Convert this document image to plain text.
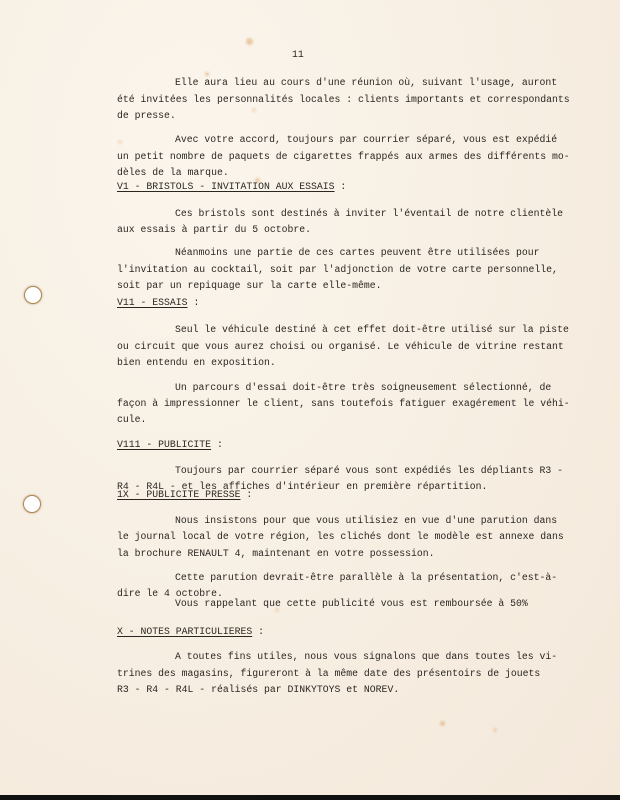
11
Elle aura lieu au cours d'une réunion où, suivant l'usage, auront
été invitées les personnalités locales : clients importants et correspondants
de presse.
Avec votre accord, toujours par courrier séparé, vous est expédié
un petit nombre de paquets de cigarettes frappés aux armes des différents mo-
dèles de la marque.
V1 - BRISTOLS - INVITATION AUX ESSAIS :
Ces bristols sont destinés à inviter l'éventail de notre clientèle
aux essais à partir du 5 octobre.
Néanmoins une partie de ces cartes peuvent être utilisées pour
l'invitation au cocktail, soit par l'adjonction de votre carte personnelle,
soit par un repiquage sur la carte elle-même.
V11 - ESSAIS :
Seul le véhicule destiné à cet effet doit-être utilisé sur la piste
ou circuit que vous aurez choisi ou organisé. Le véhicule de vitrine restant
bien entendu en exposition.
Un parcours d'essai doit-être très soigneusement sélectionné, de
façon à impressionner le client, sans toutefois fatiguer exagérement le véhi-
cule.
V111 - PUBLICITE :
Toujours par courrier séparé vous sont expédiés les dépliants R3 -
R4 - R4L - et les affiches d'intérieur en première répartition.
1X - PUBLICITE PRESSE :
Nous insistons pour que vous utilisiez en vue d'une parution dans
le journal local de votre région, les clichés dont le modèle est annexe dans
la brochure RENAULT 4, maintenant en votre possession.
Cette parution devrait-être parallèle à la présentation, c'est-à-
dire le 4 octobre.
Vous rappelant que cette publicité vous est remboursée à 50%
X - NOTES PARTICULIERES :
A toutes fins utiles, nous vous signalons que dans toutes les vi-
trines des magasins, figureront à la même date des présentoirs de jouets
R3 - R4 - R4L - réalisés par DINKYTOYS et NOREV.
